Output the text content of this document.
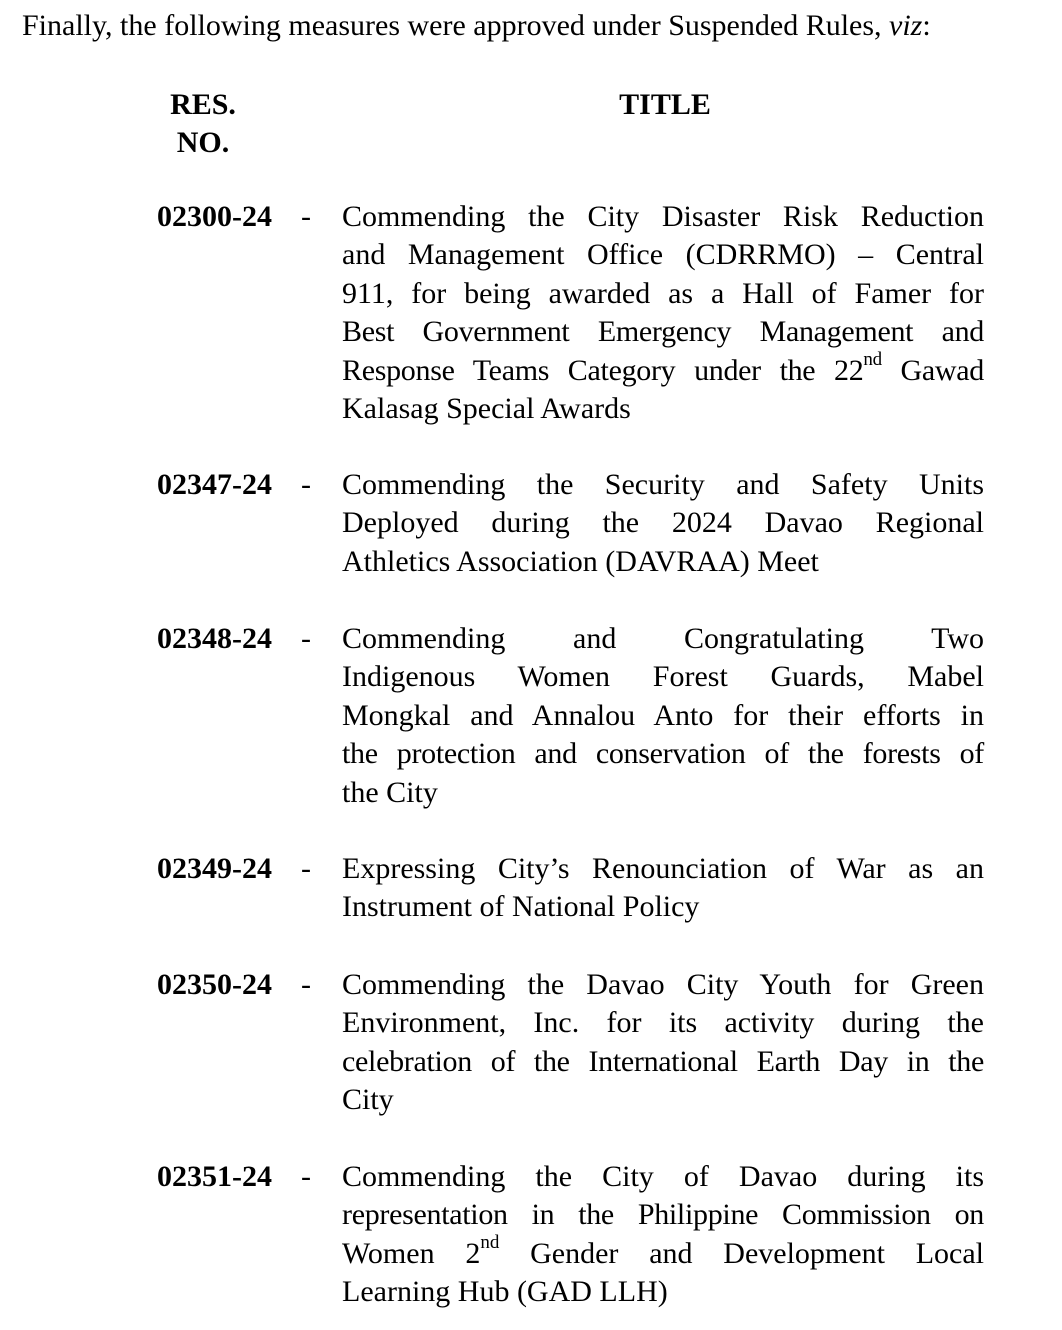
Finally, the following measures were approved under Suspended Rules, viz:
RES.
NO.
TITLE
02300-24 - Commending the City Disaster Risk Reduction
and Management Office (CDRRMO) – Central
911, for being awarded as a Hall of Famer for
Best Government Emergency Management and
Response Teams Category under the 22nd Gawad
Kalasag Special Awards
02347-24 - Commending the Security and Safety Units
Deployed during the 2024 Davao Regional
Athletics Association (DAVRAA) Meet
02348-24 - Commending and Congratulating Two
Indigenous Women Forest Guards, Mabel
Mongkal and Annalou Anto for their efforts in
the protection and conservation of the forests of
the City
02349-24 - Expressing City’s Renounciation of War as an
Instrument of National Policy
02350-24 - Commending the Davao City Youth for Green
Environment, Inc. for its activity during the
celebration of the International Earth Day in the
City
02351-24 - Commending the City of Davao during its
representation in the Philippine Commission on
Women 2nd Gender and Development Local
Learning Hub (GAD LLH)
